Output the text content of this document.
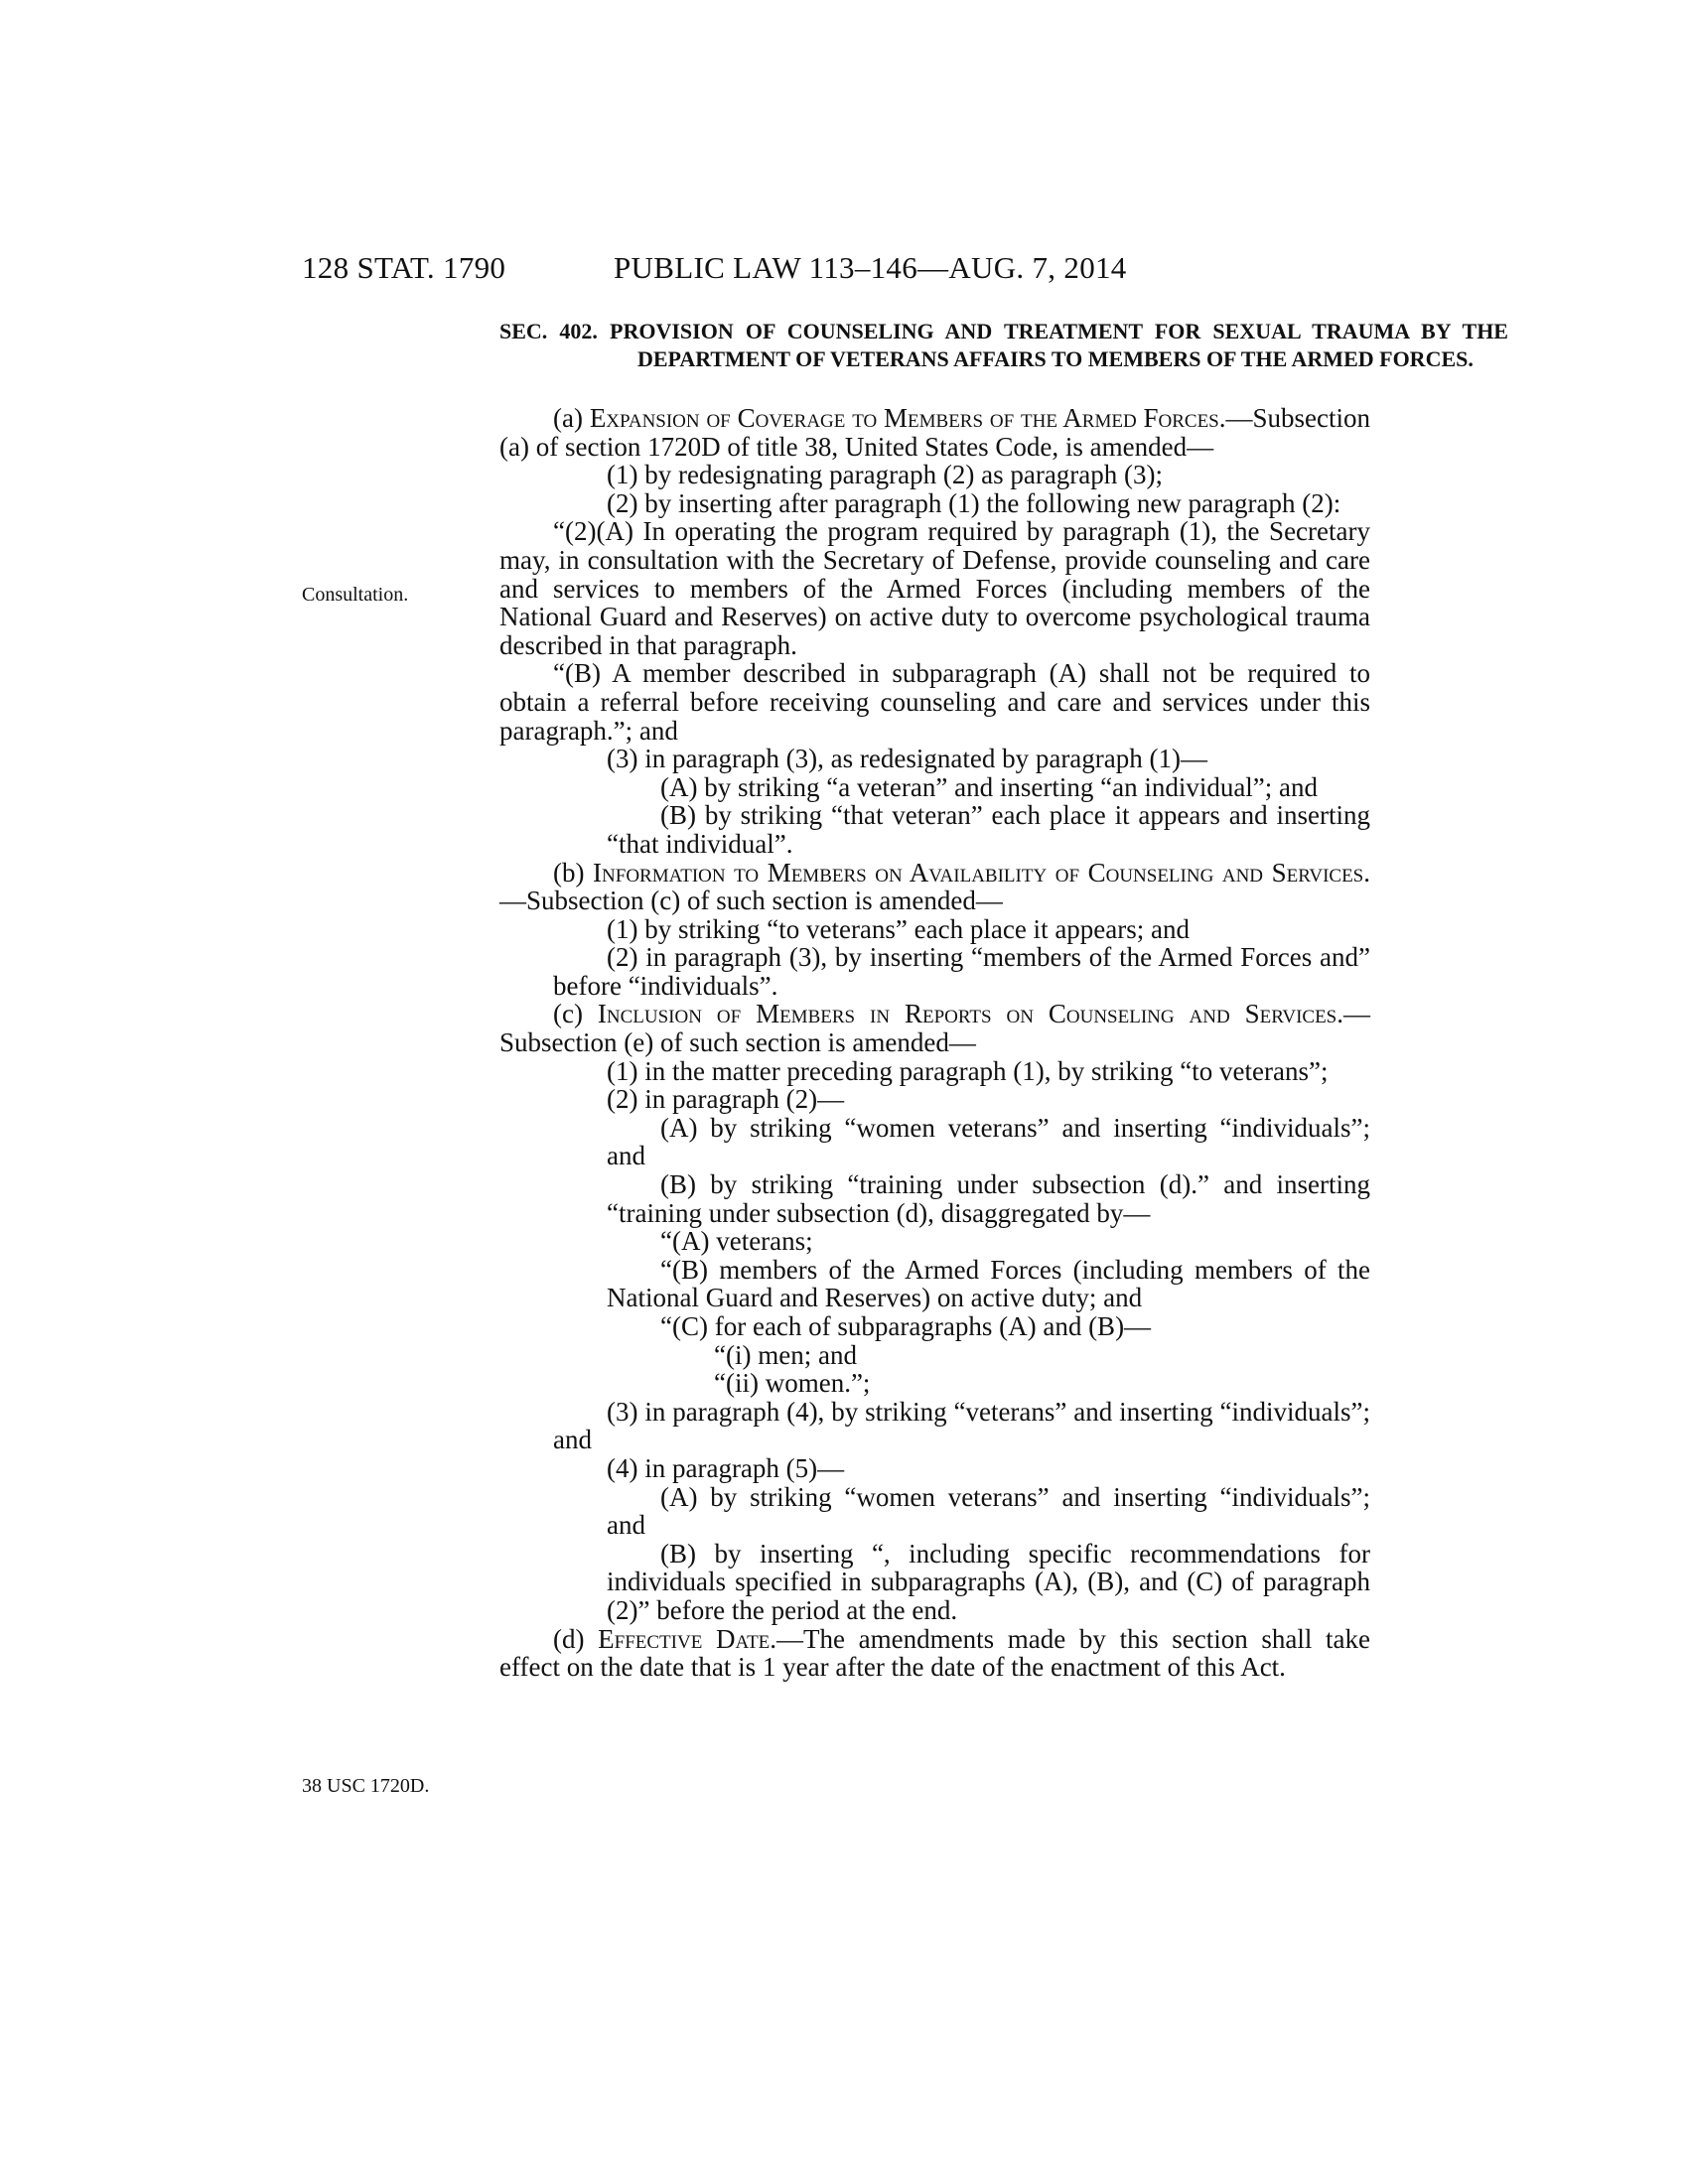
128 STAT. 1790	PUBLIC LAW 113–146—AUG. 7, 2014
Consultation.
38 USC 1720D.
SEC. 402. PROVISION OF COUNSELING AND TREATMENT FOR SEXUAL TRAUMA BY THE DEPARTMENT OF VETERANS AFFAIRS TO MEMBERS OF THE ARMED FORCES.

(a) Expansion of Coverage to Members of the Armed Forces.—Subsection (a) of section 1720D of title 38, United States Code, is amended—

(1) by redesignating paragraph (2) as paragraph (3);

(2) by inserting after paragraph (1) the following new paragraph (2):

“(2)(A) In operating the program required by paragraph (1), the Secretary may, in consultation with the Secretary of Defense, provide counseling and care and services to members of the Armed Forces (including members of the National Guard and Reserves) on active duty to overcome psychological trauma described in that paragraph.

“(B) A member described in subparagraph (A) shall not be required to obtain a referral before receiving counseling and care and services under this paragraph.”; and

(3) in paragraph (3), as redesignated by paragraph (1)—

(A) by striking “a veteran” and inserting “an individual”; and

(B) by striking “that veteran” each place it appears and inserting “that individual”.

(b) Information to Members on Availability of Counseling and Services.—Subsection (c) of such section is amended—

(1) by striking “to veterans” each place it appears; and

(2) in paragraph (3), by inserting “members of the Armed Forces and” before “individuals”.

(c) Inclusion of Members in Reports on Counseling and Services.—Subsection (e) of such section is amended—

(1) in the matter preceding paragraph (1), by striking “to veterans”;

(2) in paragraph (2)—

(A) by striking “women veterans” and inserting “individuals”; and

(B) by striking “training under subsection (d).” and inserting “training under subsection (d), disaggregated by—

“(A) veterans;

“(B) members of the Armed Forces (including members of the National Guard and Reserves) on active duty; and

“(C) for each of subparagraphs (A) and (B)—

“(i) men; and

“(ii) women.”;

(3) in paragraph (4), by striking “veterans” and inserting “individuals”; and

(4) in paragraph (5)—

(A) by striking “women veterans” and inserting “individuals”; and

(B) by inserting “, including specific recommendations for individuals specified in subparagraphs (A), (B), and (C) of paragraph (2)” before the period at the end.

(d) Effective Date.—The amendments made by this section shall take effect on the date that is 1 year after the date of the enactment of this Act.
